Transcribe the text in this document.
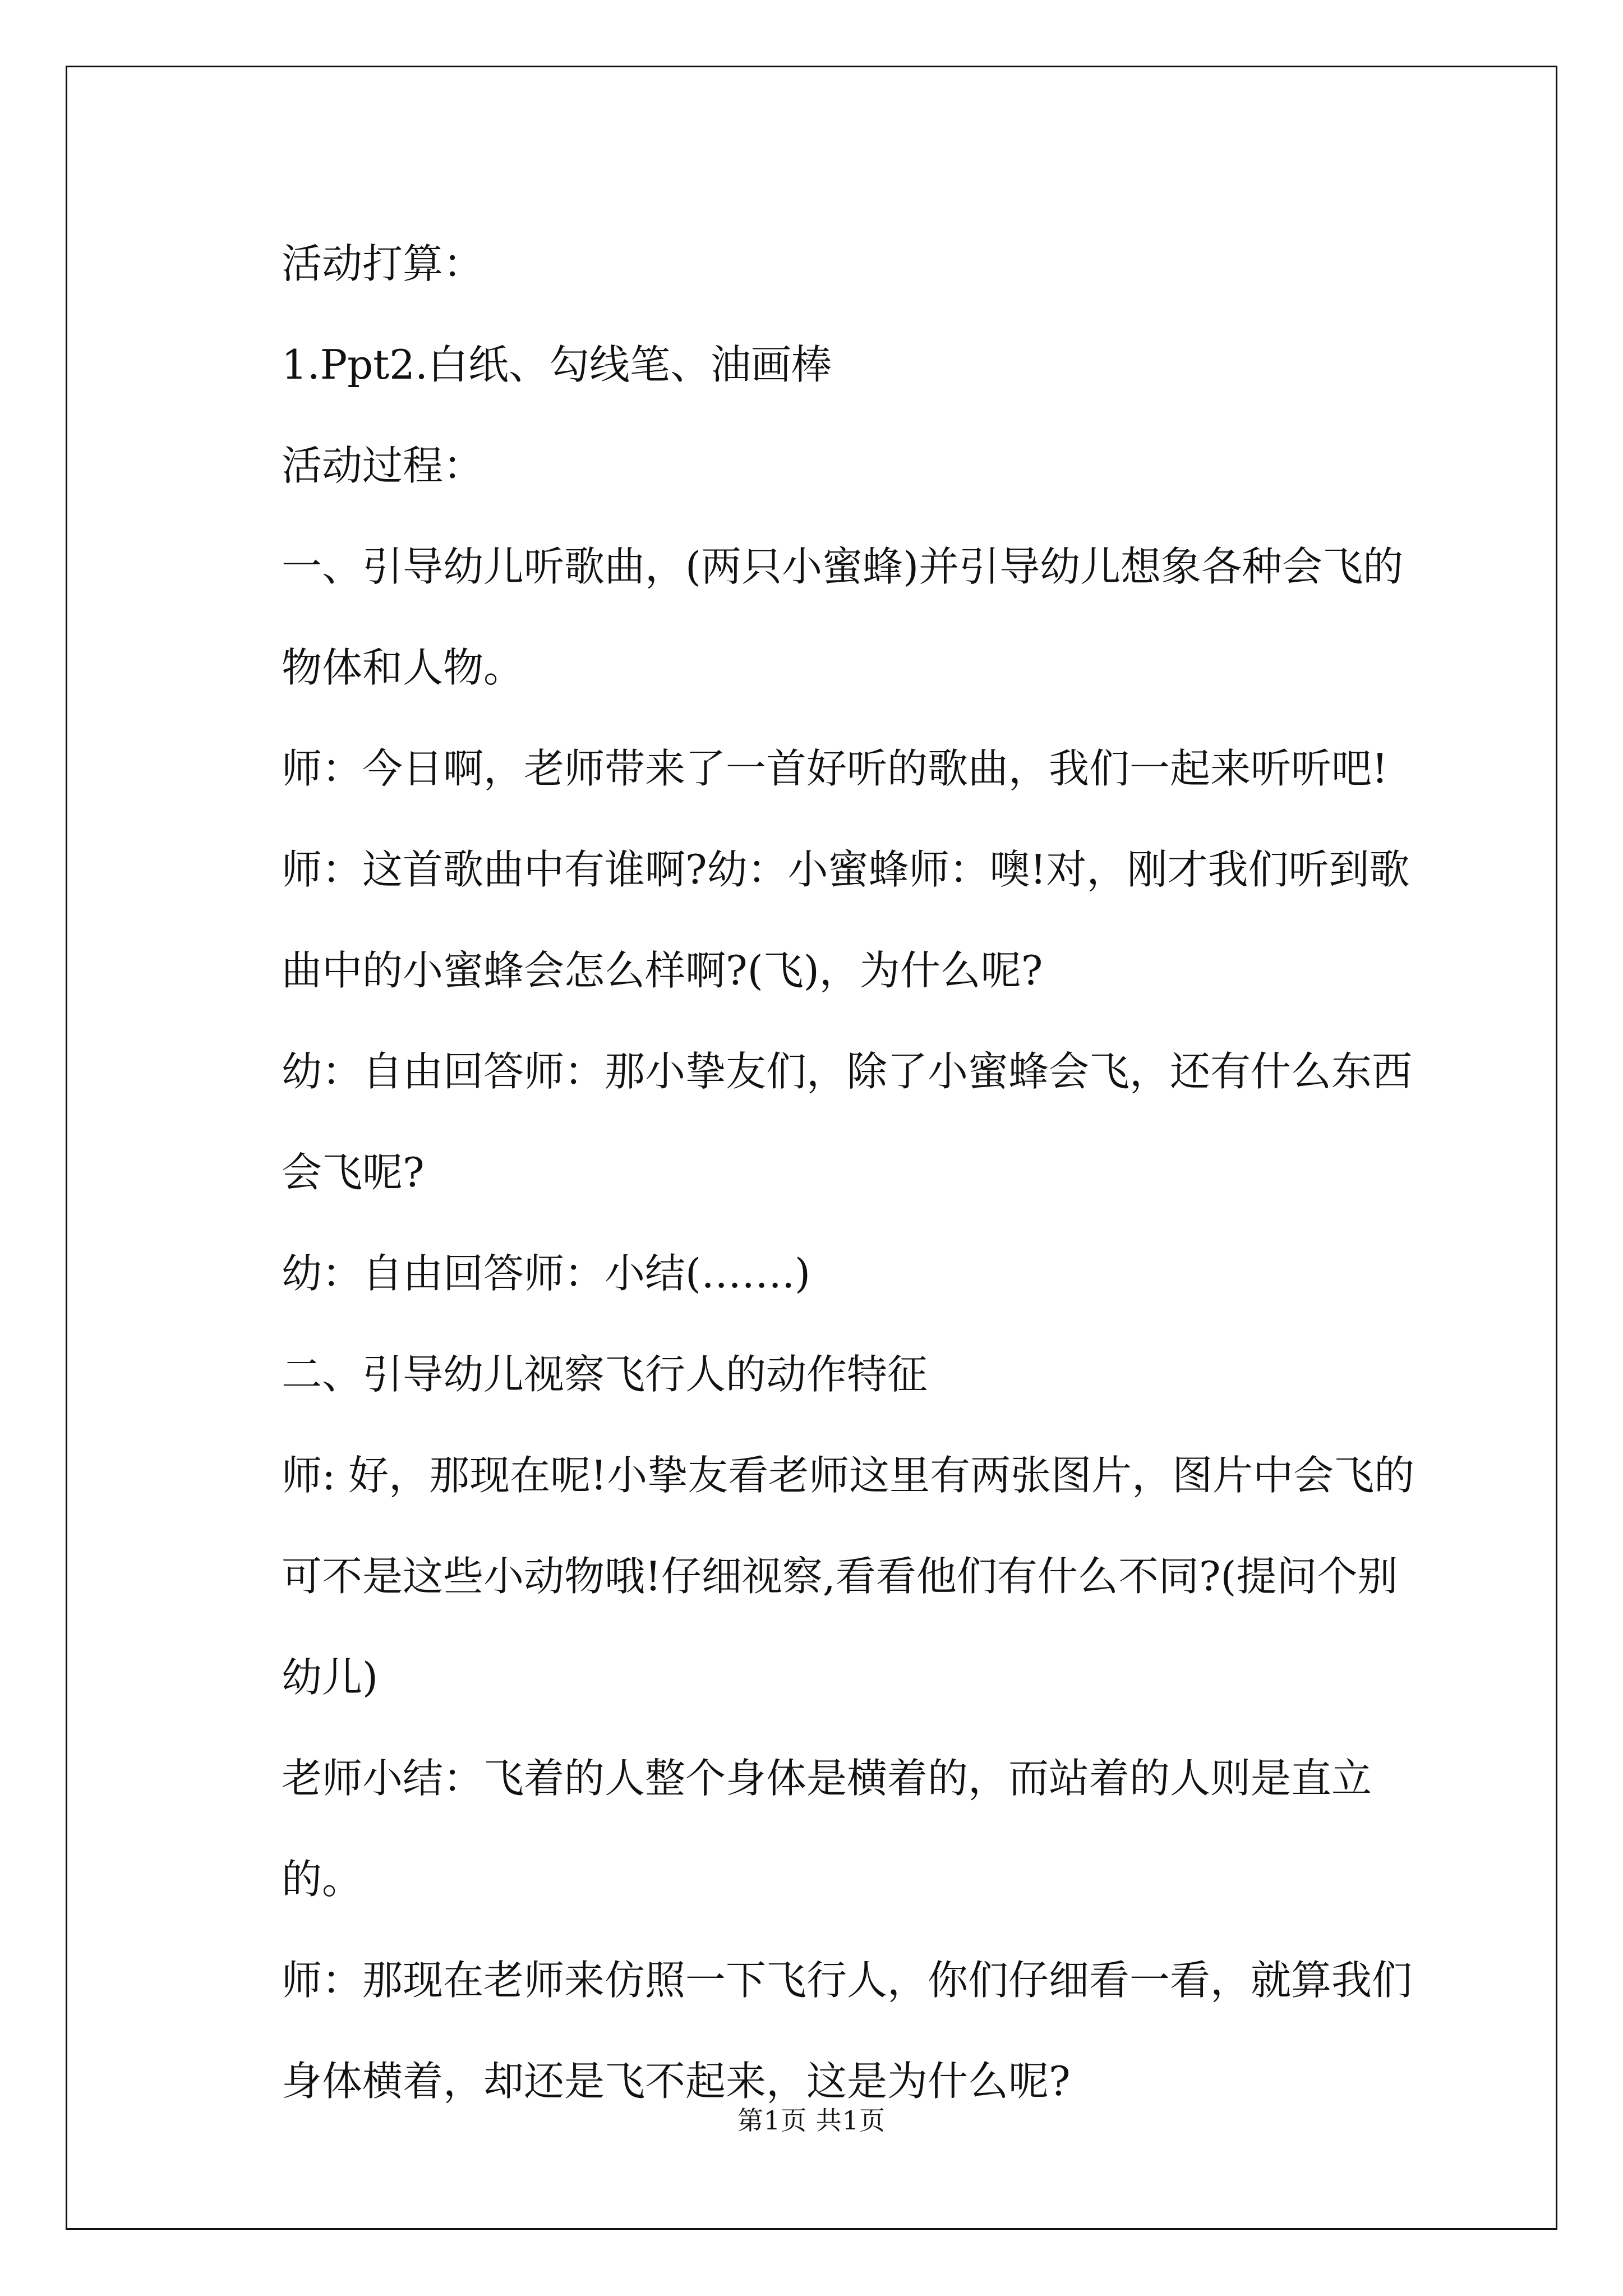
活动打算：

1.Ppt2.白纸、勾线笔、油画棒

活动过程：

一、引导幼儿听歌曲，(两只小蜜蜂)并引导幼儿想象各种会飞的物体和人物。

师：今日啊，老师带来了一首好听的歌曲，我们一起来听听吧!

师：这首歌曲中有谁啊?幼：小蜜蜂师：噢!对，刚才我们听到歌曲中的小蜜蜂会怎么样啊?(飞)，为什么呢?

幼：自由回答师：那小挚友们，除了小蜜蜂会飞，还有什么东西会飞呢?

幼：自由回答师：小结(…….)

二、引导幼儿视察飞行人的动作特征

师: 好，那现在呢!小挚友看老师这里有两张图片，图片中会飞的可不是这些小动物哦!仔细视察,看看他们有什么不同?(提问个别幼儿)

老师小结：飞着的人整个身体是横着的，而站着的人则是直立的。

师：那现在老师来仿照一下飞行人，你们仔细看一看，就算我们身体横着，却还是飞不起来，这是为什么呢?

第1页 共1页
